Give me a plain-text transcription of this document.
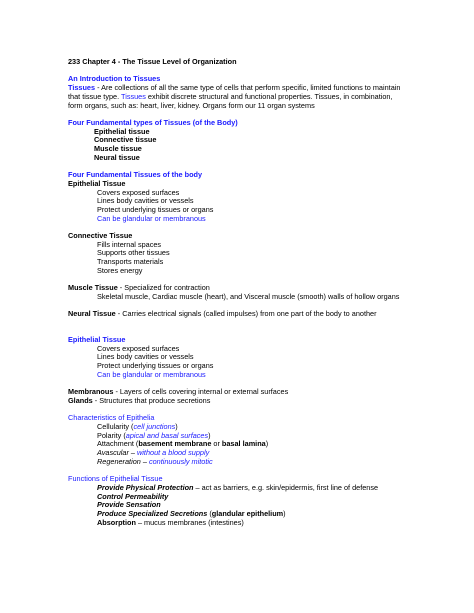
233 Chapter 4 - The Tissue Level of Organization

An Introduction to Tissues

Tissues - Are collections of all the same type of cells that perform specific, limited functions to maintain that tissue type. Tissues exhibit discrete structural and functional properties. Tissues, in combination, form organs, such as: heart, liver, kidney. Organs form our 11 organ systems

Four Fundamental types of Tissues (of the Body)

Epithelial tissue

Connective tissue

Muscle tissue

Neural tissue

Four Fundamental Tissues of the body

Epithelial Tissue

Covers exposed surfaces

Lines body cavities or vessels

Protect underlying tissues or organs

Can be glandular or membranous

Connective Tissue

Fills internal spaces

Supports other tissues

Transports materials

Stores energy

Muscle Tissue - Specialized for contraction

Skeletal muscle, Cardiac muscle (heart), and Visceral muscle (smooth) walls of hollow organs

Neural Tissue - Carries electrical signals (called impulses) from one part of the body to another

Epithelial Tissue

Covers exposed surfaces

Lines body cavities or vessels

Protect underlying tissues or organs

Can be glandular or membranous

Membranous - Layers of cells covering internal or external surfaces

Glands - Structures that produce secretions

Characteristics of Epithelia

Cellularity (cell junctions)

Polarity (apical and basal surfaces)

Attachment (basement membrane or basal lamina)

Avascular – without a blood supply

Regeneration – continuously mitotic

Functions of Epithelial Tissue

Provide Physical Protection – act as barriers, e.g. skin/epidermis, first line of defense

Control Permeability

Provide Sensation

Produce Specialized Secretions (glandular epithelium)

Absorption – mucus membranes (intestines)
